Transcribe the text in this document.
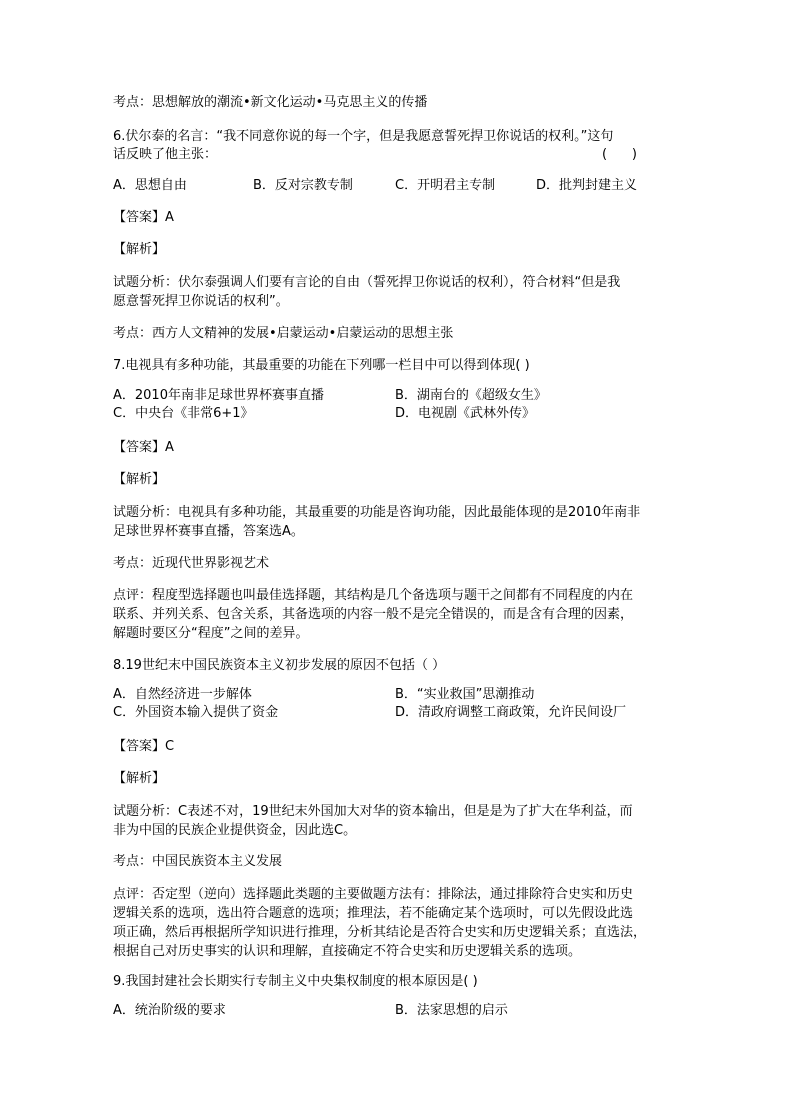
考点：思想解放的潮流•新文化运动•马克思主义的传播
6.伏尔泰的名言：“我不同意你说的每一个字，但是我愿意誓死捍卫你说话的权利。”这句
话反映了他主张：	(      )
A．思想自由	B．反对宗教专制	C．开明君主专制	D．批判封建主义
【答案】A
【解析】
试题分析：伏尔泰强调人们要有言论的自由（誓死捍卫你说话的权利），符合材料“但是我
愿意誓死捍卫你说话的权利”。
考点：西方人文精神的发展•启蒙运动•启蒙运动的思想主张
7.电视具有多种功能，其最重要的功能在下列哪一栏目中可以得到体现( )
A．2010年南非足球世界杯赛事直播	B．湖南台的《超级女生》
C．中央台《非常6+1》	D．电视剧《武林外传》
【答案】A
【解析】
试题分析：电视具有多种功能，其最重要的功能是咨询功能，因此最能体现的是2010年南非
足球世界杯赛事直播，答案选A。
考点：近现代世界影视艺术
点评：程度型选择题也叫最佳选择题，其结构是几个备选项与题干之间都有不同程度的内在
联系、并列关系、包含关系，其备选项的内容一般不是完全错误的，而是含有合理的因素，
解题时要区分“程度”之间的差异。
8.19世纪末中国民族资本主义初步发展的原因不包括（ ）
A．自然经济进一步解体	B．“实业救国”思潮推动
C．外国资本输入提供了资金	D．清政府调整工商政策，允许民间设厂
【答案】C
【解析】
试题分析：C表述不对，19世纪末外国加大对华的资本输出，但是是为了扩大在华利益，而
非为中国的民族企业提供资金，因此选C。
考点：中国民族资本主义发展
点评：否定型（逆向）选择题此类题的主要做题方法有：排除法，通过排除符合史实和历史
逻辑关系的选项，选出符合题意的选项；推理法，若不能确定某个选项时，可以先假设此选
项正确，然后再根据所学知识进行推理，分析其结论是否符合史实和历史逻辑关系；直选法，
根据自己对历史事实的认识和理解，直接确定不符合史实和历史逻辑关系的选项。
9.我国封建社会长期实行专制主义中央集权制度的根本原因是( )
A．统治阶级的要求	B．法家思想的启示
